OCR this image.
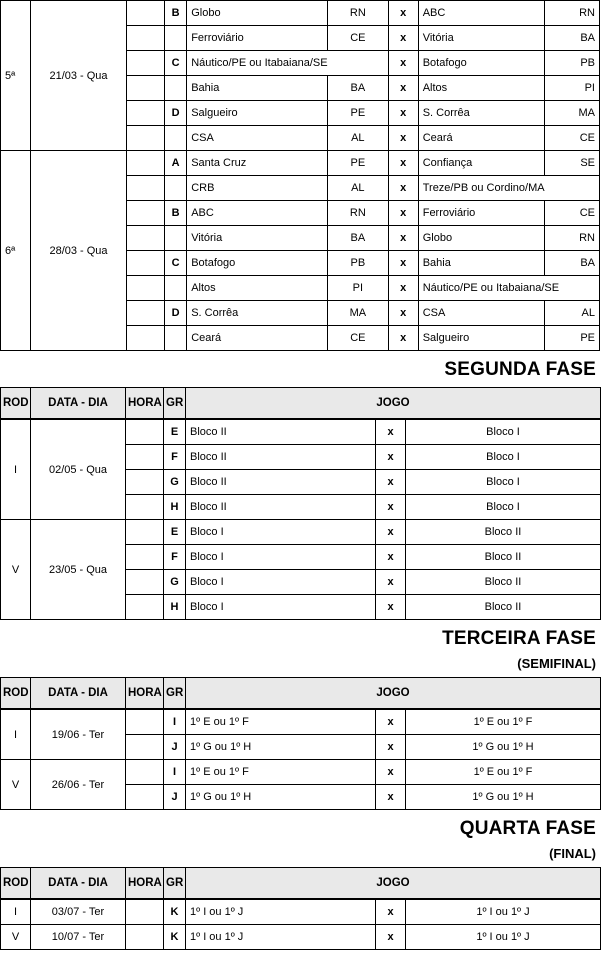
5ª	21/03 - Qua		B	Globo	RN	x	ABC	RN
				Ferroviário	CE	x	Vitória	BA
			C	Náutico/PE ou Itabaiana/SE		x	Botafogo	PB
				Bahia	BA	x	Altos	PI
			D	Salgueiro	PE	x	S. Corrêa	MA
				CSA	AL	x	Ceará	CE
6ª	28/03 - Qua		A	Santa Cruz	PE	x	Confiança	SE
				CRB	AL	x	Treze/PB ou Cordino/MA	
			B	ABC	RN	x	Ferroviário	CE
				Vitória	BA	x	Globo	RN
			C	Botafogo	PB	x	Bahia	BA
				Altos	PI	x	Náutico/PE ou Itabaiana/SE	
			D	S. Corrêa	MA	x	CSA	AL
				Ceará	CE	x	Salgueiro	PE
SEGUNDA FASE
ROD	DATA - DIA	HORA	GR	JOGO
I	02/05 - Qua		E	Bloco II	x	Bloco I
			F	Bloco II	x	Bloco I
			G	Bloco II	x	Bloco I
			H	Bloco II	x	Bloco I
V	23/05 - Qua		E	Bloco I	x	Bloco II
			F	Bloco I	x	Bloco II
			G	Bloco I	x	Bloco II
			H	Bloco I	x	Bloco II
TERCEIRA FASE
(SEMIFINAL)
ROD	DATA - DIA	HORA	GR	JOGO
I	19/06 - Ter		I	1º E ou 1º F	x	1º E ou 1º F
			J	1º G ou 1º H	x	1º G ou 1º H
V	26/06 - Ter		I	1º E ou 1º F	x	1º E ou 1º F
			J	1º G ou 1º H	x	1º G ou 1º H
QUARTA FASE
(FINAL)
ROD	DATA - DIA	HORA	GR	JOGO
I	03/07 - Ter		K	1º I ou 1º J	x	1º I ou 1º J
V	10/07 - Ter		K	1º I ou 1º J	x	1º I ou 1º J
